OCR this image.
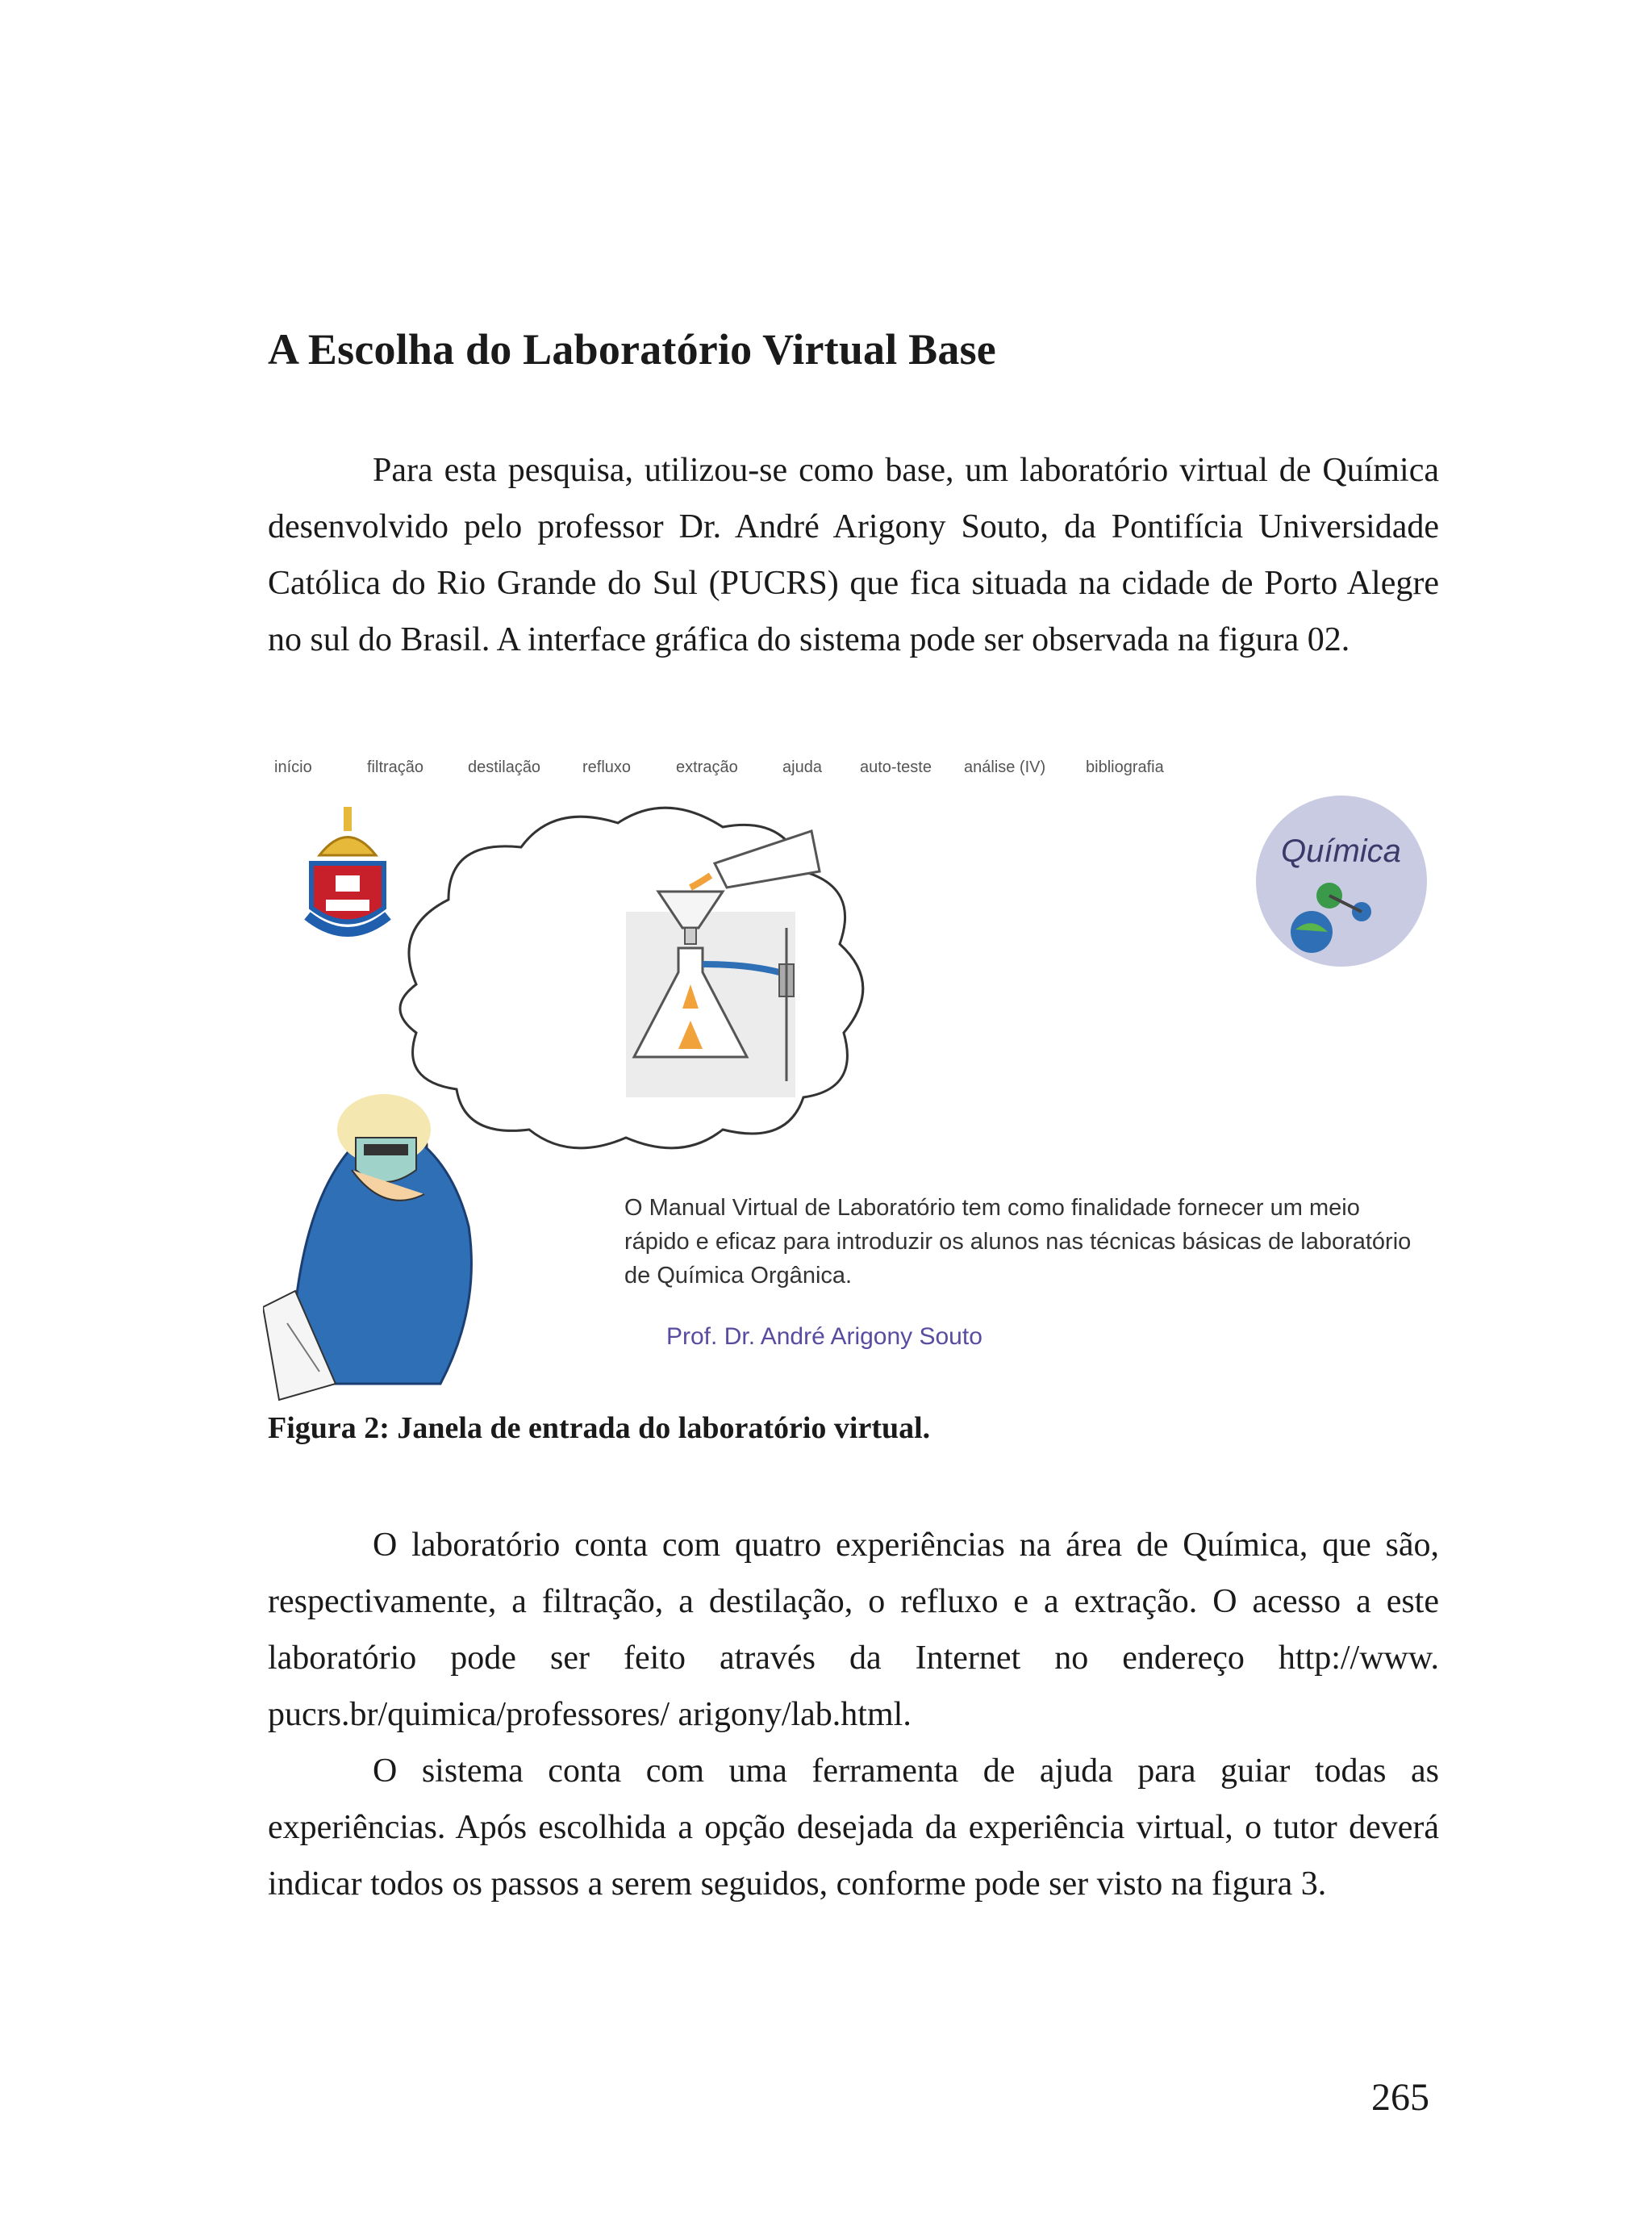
A Escolha do Laboratório Virtual Base

Para esta pesquisa, utilizou-se como base, um laboratório virtual de Química desenvolvido pelo professor Dr. André Arigony Souto, da Pontifícia Universidade Católica do Rio Grande do Sul (PUCRS) que fica situada na cidade de Porto Alegre no sul do Brasil. A interface gráfica do sistema pode ser observada na figura 02.

Química
início	filtração	destilação	refluxo	extração	ajuda auto-teste análise (IV) bibliografia
O Manual Virtual de Laboratório tem como finalidade fornecer um meio rápido e eficaz para introduzir os alunos nas técnicas básicas de laboratório de Química Orgânica.
Prof. Dr. André Arigony Souto

Figura 2: Janela de entrada do laboratório virtual.

O laboratório conta com quatro experiências na área de Química, que são, respectivamente, a filtração, a destilação, o refluxo e a extração. O acesso a este laboratório pode ser feito através da Internet no endereço http://www. pucrs.br/quimica/professores/ arigony/lab.html.

O sistema conta com uma ferramenta de ajuda para guiar todas as experiências. Após escolhida a opção desejada da experiência virtual, o tutor deverá indicar todos os passos a serem seguidos, conforme pode ser visto na figura 3.

265
